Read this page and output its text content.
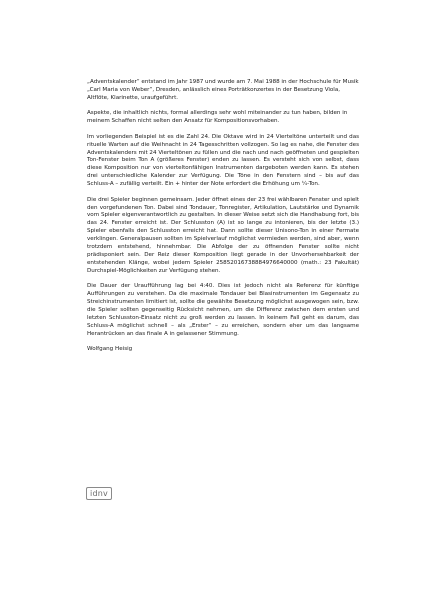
„Adventskalender“ entstand im Jahr 1987 und wurde am 7. Mai 1988 in der Hochschule für Musik „Carl Maria von Weber“, Dresden, anlässlich eines Porträtkonzertes in der Besetzung Viola, Altflöte, Klarinette, uraufgeführt.

Aspekte, die inhaltlich nichts, formal allerdings sehr wohl miteinander zu tun haben, bilden in meinem Schaffen nicht selten den Ansatz für Kompositionsvorhaben.

Im vorliegenden Beispiel ist es die Zahl 24. Die Oktave wird in 24 Vierteltöne unterteilt und das rituelle Warten auf die Weihnacht in 24 Tagesschritten vollzogen. So lag es nahe, die Fenster des Adventskalenders mit 24 Vierteltönen zu füllen und die nach und nach geöffneten und gespielten Ton-Fenster beim Ton A (größeres Fenster) enden zu lassen. Es versteht sich von selbst, dass diese Komposition nur von vierteltonfähigen Instrumenten dargeboten werden kann. Es stehen drei unterschiedliche Kalender zur Verfügung. Die Töne in den Fenstern sind – bis auf das Schluss-A – zufällig verteilt. Ein + hinter der Note erfordert die Erhöhung um ¼-Ton.

Die drei Spieler beginnen gemeinsam. Jeder öffnet eines der 23 frei wählbaren Fenster und spielt den vorgefundenen Ton. Dabei sind Tondauer, Tonregister, Artikulation, Lautstärke und Dynamik vom Spieler eigenverantwortlich zu gestalten. In dieser Weise setzt sich die Handhabung fort, bis das 24. Fenster erreicht ist. Der Schlusston (A) ist so lange zu intonieren, bis der letzte (3.) Spieler ebenfalls den Schlusston erreicht hat. Dann sollte dieser Unisono-Ton in einer Fermate verklingen. Generalpausen sollten im Spielverlauf möglichst vermieden werden, sind aber, wenn trotzdem entstehend, hinnehmbar. Die Abfolge der zu öffnenden Fenster sollte nicht prädisponiert sein. Der Reiz dieser Komposition liegt gerade in der Unvorhersehbarkeit der entstehenden Klänge, wobei jedem Spieler 25852016738884976640000 (math.: 23 Fakultät) Durchspiel-Möglichkeiten zur Verfügung stehen.

Die Dauer der Uraufführung lag bei 4:40. Dies ist jedoch nicht als Referenz für künftige Aufführungen zu verstehen. Da die maximale Tondauer bei Blasinstrumenten im Gegensatz zu Streichinstrumenten limitiert ist, sollte die gewählte Besetzung möglichst ausgewogen sein, bzw. die Spieler sollten gegenseitig Rücksicht nehmen, um die Differenz zwischen dem ersten und letzten Schlusston-Einsatz nicht zu groß werden zu lassen. In keinem Fall geht es darum, das Schluss-A möglichst schnell – als „Erster“ – zu erreichen, sondern eher um das langsame Herantrücken an das finale A in gelassener Stimmung.

Wolfgang Heisig

idnv
